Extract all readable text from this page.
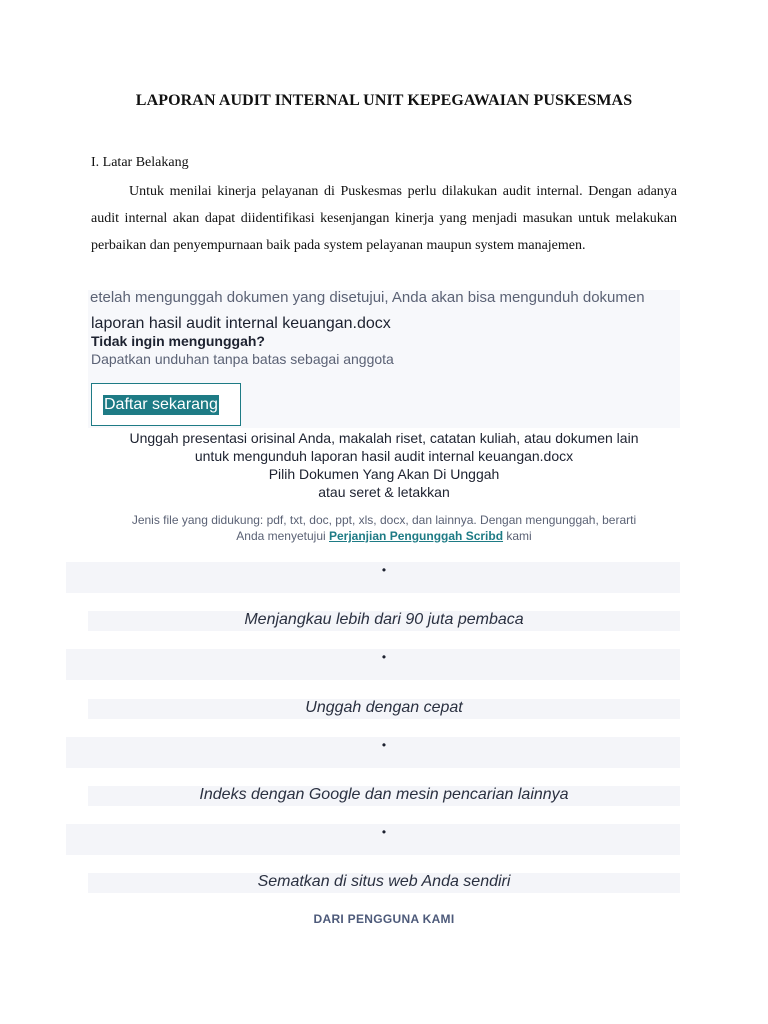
LAPORAN AUDIT INTERNAL UNIT KEPEGAWAIAN PUSKESMAS
I. Latar Belakang

Untuk menilai kinerja pelayanan di Puskesmas perlu dilakukan audit internal. Dengan adanya audit internal akan dapat diidentifikasi kesenjangan kinerja yang menjadi masukan untuk melakukan perbaikan dan penyempurnaan baik pada system pelayanan maupun system manajemen.

etelah mengunggah dokumen yang disetujui, Anda akan bisa mengunduh dokumen
laporan hasil audit internal keuangan.docx
Tidak ingin mengunggah?
Dapatkan unduhan tanpa batas sebagai anggota
Daftar sekarang
Unggah presentasi orisinal Anda, makalah riset, catatan kuliah, atau dokumen lain
untuk mengunduh laporan hasil audit internal keuangan.docx
Pilih Dokumen Yang Akan Di Unggah
atau seret & letakkan
Jenis file yang didukung: pdf, txt, doc, ppt, xls, docx, dan lainnya. Dengan mengunggah, berarti
Anda menyetujui Perjanjian Pengunggah Scribd kami
•
Menjangkau lebih dari 90 juta pembaca
•
Unggah dengan cepat
•
Indeks dengan Google dan mesin pencarian lainnya
•
Sematkan di situs web Anda sendiri
DARI PENGGUNA KAMI
